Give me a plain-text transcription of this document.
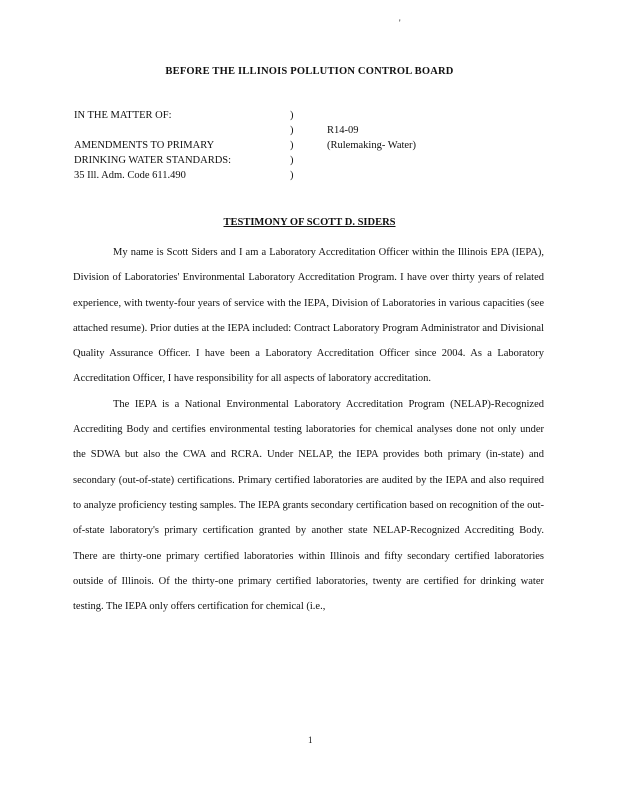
'
BEFORE THE ILLINOIS POLLUTION CONTROL BOARD
IN THE MATTER OF:

AMENDMENTS TO PRIMARY
DRINKING WATER STANDARDS:
35 Ill. Adm. Code 611.490
)
)
)
)
)
R14-09
(Rulemaking- Water)
TESTIMONY OF SCOTT D. SIDERS

My name is Scott Siders and I am a Laboratory Accreditation Officer within the Illinois EPA (IEPA), Division of Laboratories' Environmental Laboratory Accreditation Program. I have over thirty years of related experience, with twenty-four years of service with the IEPA, Division of Laboratories in various capacities (see attached resume). Prior duties at the IEPA included: Contract Laboratory Program Administrator and Divisional Quality Assurance Officer. I have been a Laboratory Accreditation Officer since 2004. As a Laboratory Accreditation Officer, I have responsibility for all aspects of laboratory accreditation.

The IEPA is a National Environmental Laboratory Accreditation Program (NELAP)-Recognized Accrediting Body and certifies environmental testing laboratories for chemical analyses done not only under the SDWA but also the CWA and RCRA. Under NELAP, the IEPA provides both primary (in-state) and secondary (out-of-state) certifications. Primary certified laboratories are audited by the IEPA and also required to analyze proficiency testing samples. The IEPA grants secondary certification based on recognition of the out-of-state laboratory's primary certification granted by another state NELAP-Recognized Accrediting Body. There are thirty-one primary certified laboratories within Illinois and fifty secondary certified laboratories outside of Illinois. Of the thirty-one primary certified laboratories, twenty are certified for drinking water testing. The IEPA only offers certification for chemical (i.e.,

1
